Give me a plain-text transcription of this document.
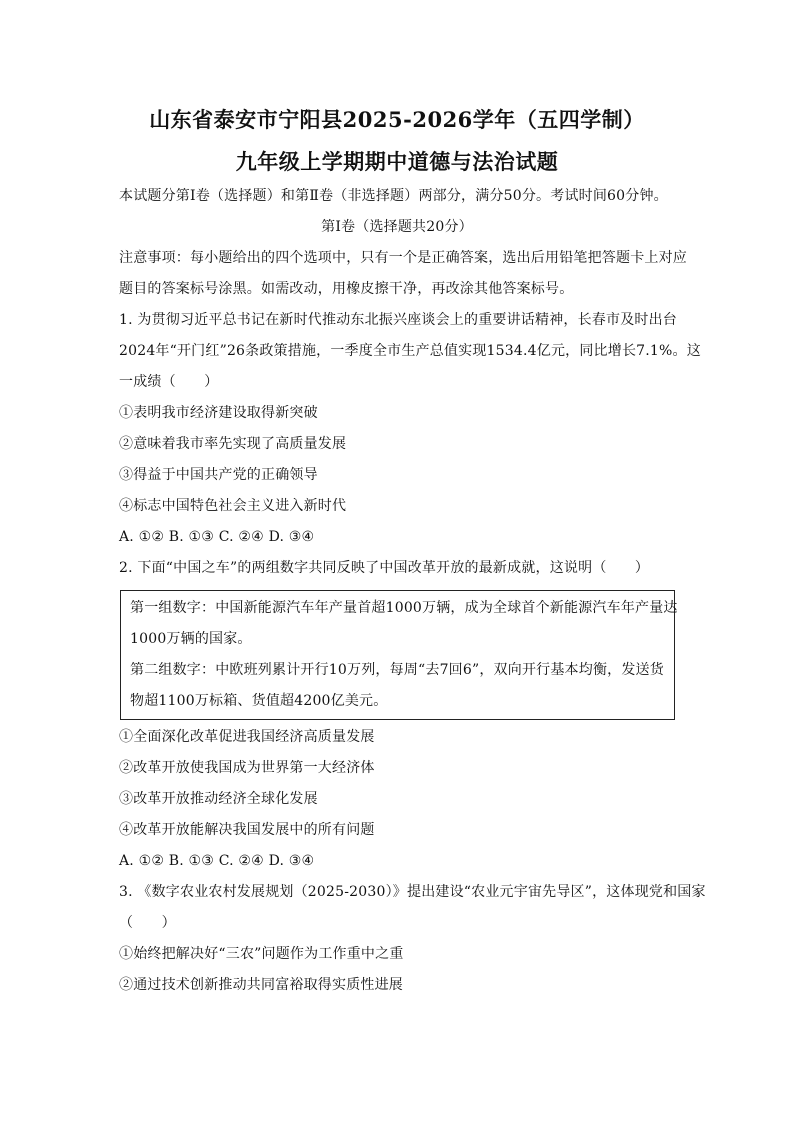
山东省泰安市宁阳县2025-2026学年（五四学制）
九年级上学期期中道德与法治试题
本试题分第Ⅰ卷（选择题）和第Ⅱ卷（非选择题）两部分，满分50分。考试时间60分钟。
第Ⅰ卷（选择题共20分）
注意事项：每小题给出的四个选项中，只有一个是正确答案，选出后用铅笔把答题卡上对应
题目的答案标号涂黑。如需改动，用橡皮擦干净，再改涂其他答案标号。
1. 为贯彻习近平总书记在新时代推动东北振兴座谈会上的重要讲话精神，长春市及时出台
2024年“开门红”26条政策措施，一季度全市生产总值实现1534.4亿元，同比增长7.1%。这
一成绩（　　）
①表明我市经济建设取得新突破
②意味着我市率先实现了高质量发展
③得益于中国共产党的正确领导
④标志中国特色社会主义进入新时代
A. ①② B. ①③ C. ②④ D. ③④
2. 下面“中国之车”的两组数字共同反映了中国改革开放的最新成就，这说明（　　）
第一组数字：中国新能源汽车年产量首超1000万辆，成为全球首个新能源汽车年产量达
1000万辆的国家。
第二组数字：中欧班列累计开行10万列，每周“去7回6”，双向开行基本均衡，发送货
物超1100万标箱、货值超4200亿美元。
①全面深化改革促进我国经济高质量发展
②改革开放使我国成为世界第一大经济体
③改革开放推动经济全球化发展
④改革开放能解决我国发展中的所有问题
A. ①② B. ①③ C. ②④ D. ③④
3. 《数字农业农村发展规划（2025-2030）》提出建设“农业元宇宙先导区”，这体现党和国家
（　　）
①始终把解决好“三农”问题作为工作重中之重
②通过技术创新推动共同富裕取得实质性进展
